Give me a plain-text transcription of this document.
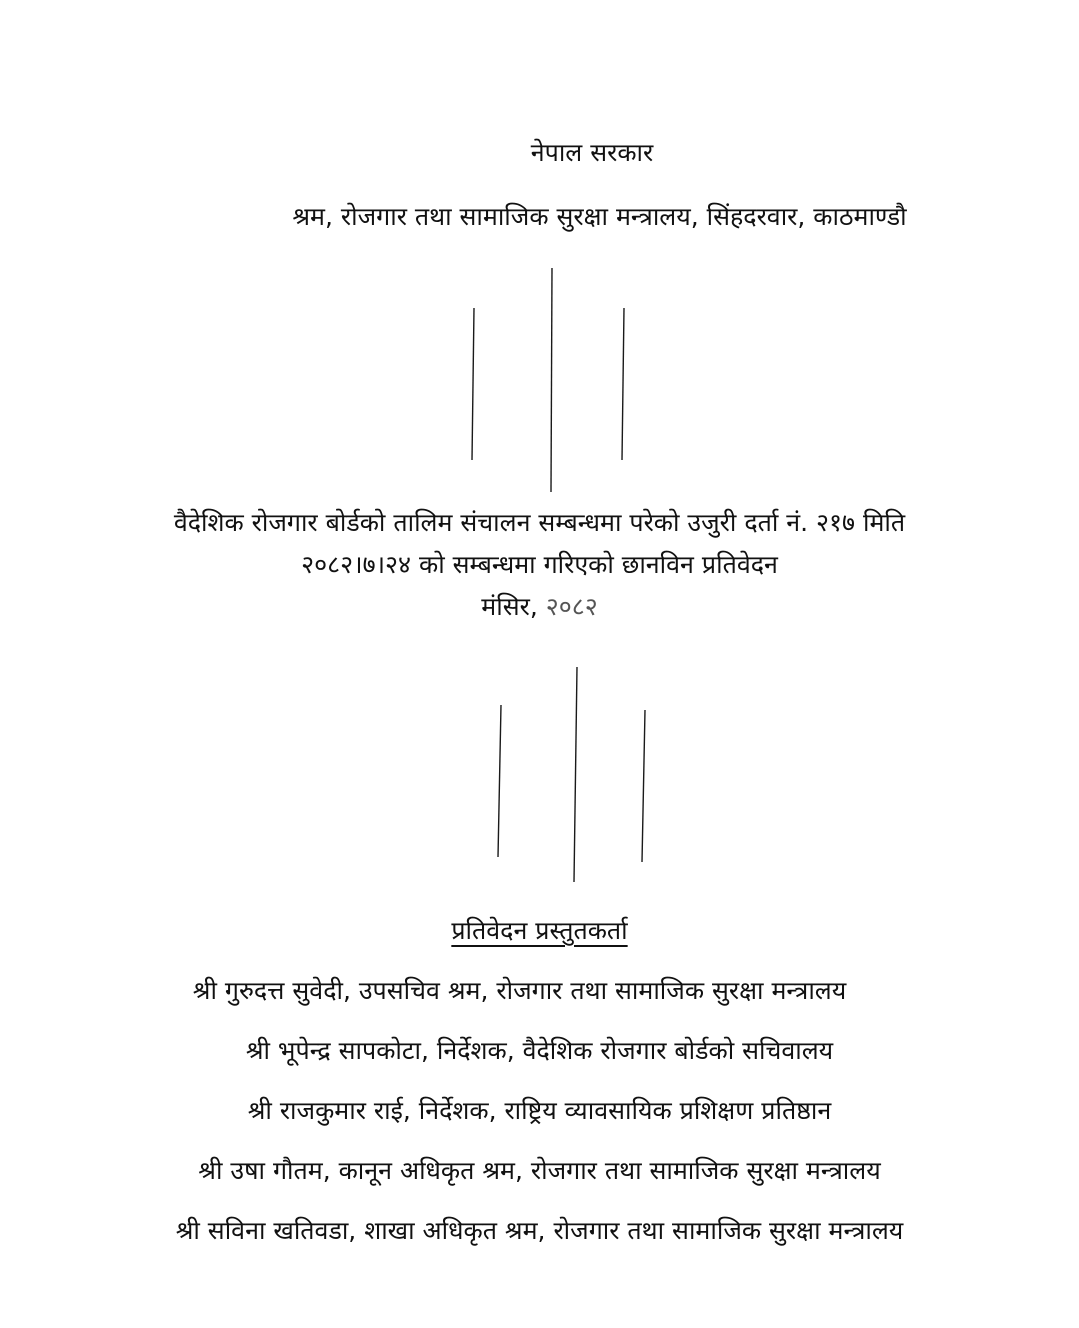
नेपाल सरकार
श्रम, रोजगार तथा सामाजिक सुरक्षा मन्त्रालय, सिंहदरवार, काठमाण्डौ
वैदेशिक रोजगार बोर्डको तालिम संचालन सम्बन्धमा परेको उजुरी दर्ता नं. २१७ मिति
२०८२।७।२४ को सम्बन्धमा गरिएको छानविन प्रतिवेदन
मंसिर, २०८२
प्रतिवेदन प्रस्तुतकर्ता
श्री गुरुदत्त सुवेदी, उपसचिव श्रम, रोजगार तथा सामाजिक सुरक्षा मन्त्रालय
श्री भूपेन्द्र सापकोटा, निर्देशक, वैदेशिक रोजगार बोर्डको सचिवालय
श्री राजकुमार राई, निर्देशक, राष्ट्रिय व्यावसायिक प्रशिक्षण प्रतिष्ठान
श्री उषा गौतम, कानून अधिकृत श्रम, रोजगार तथा सामाजिक सुरक्षा मन्त्रालय
श्री सविना खतिवडा, शाखा अधिकृत श्रम, रोजगार तथा सामाजिक सुरक्षा मन्त्रालय
